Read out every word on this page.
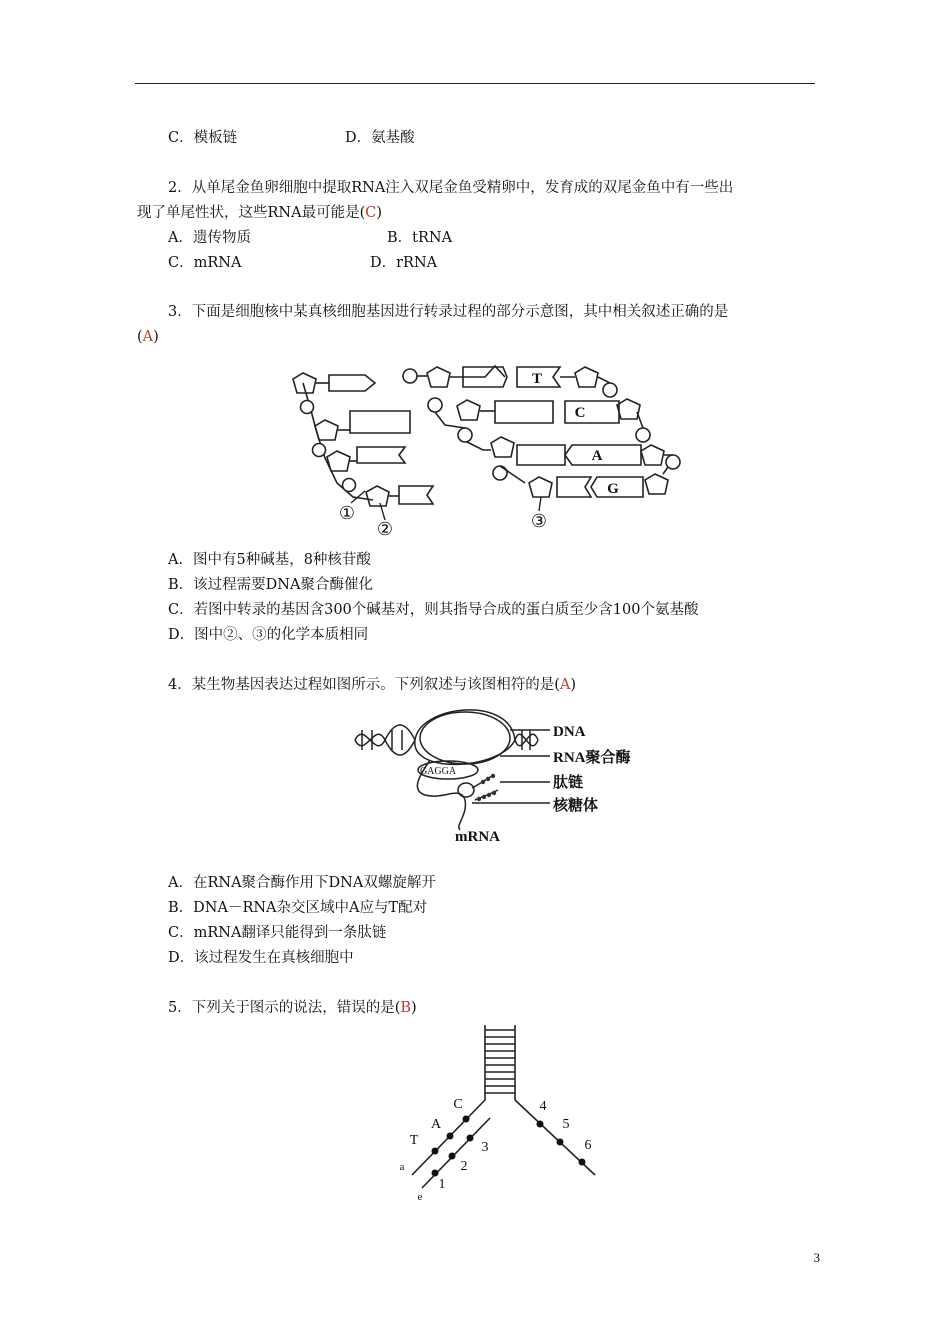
C．模板链	D．氨基酸
2．从单尾金鱼卵细胞中提取RNA注入双尾金鱼受精卵中，发育成的双尾金鱼中有一些出
现了单尾性状，这些RNA最可能是(C)
A．遗传物质	B．tRNA
C．mRNA	D．rRNA
3．下面是细胞核中某真核细胞基因进行转录过程的部分示意图，其中相关叙述正确的是
(A)
T
C
A
G
①
②	③
A．图中有5种碱基，8种核苷酸
B．该过程需要DNA聚合酶催化
C．若图中转录的基因含300个碱基对，则其指导合成的蛋白质至少含100个氨基酸
D．图中②、③的化学本质相同
4．某生物基因表达过程如图所示。下列叙述与该图相符的是(A)
GAGGA
DNA
RNA聚合酶
肽链
核糖体
mRNA
A．在RNA聚合酶作用下DNA双螺旋解开
B．DNA－RNA杂交区域中A应与T配对
C．mRNA翻译只能得到一条肽链
D．该过程发生在真核细胞中
5．下列关于图示的说法，错误的是(B)
T
A
C
1
2
3
4
5
6
a
e
3
